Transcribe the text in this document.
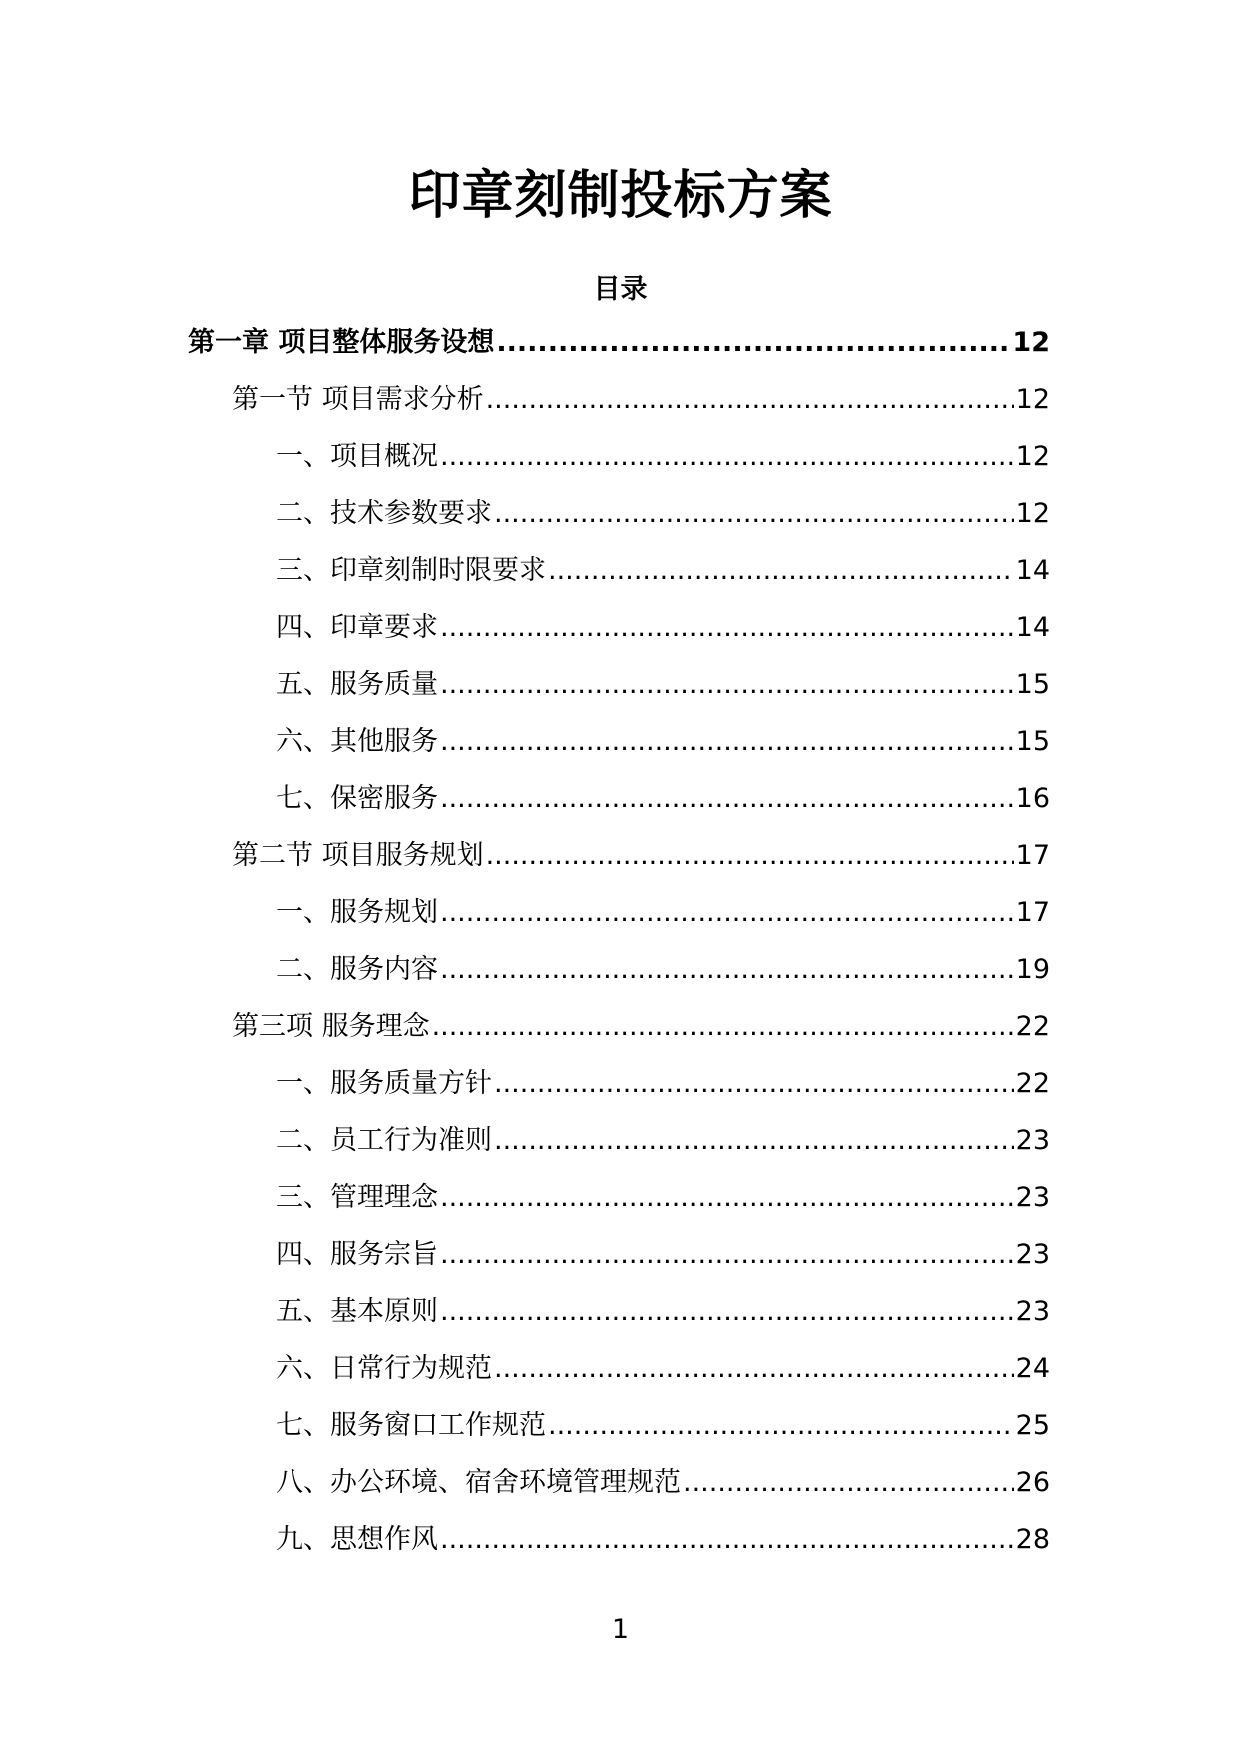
印章刻制投标方案
目录
第一章 项目整体服务设想 .....	12
第一节 项目需求分析 .....	12
一、项目概况 .....	12
二、技术参数要求 .....	12
三、印章刻制时限要求 .....	14
四、印章要求 .....	14
五、服务质量 .....	15
六、其他服务 .....	15
七、保密服务 .....	16
第二节 项目服务规划 .....	17
一、服务规划 .....	17
二、服务内容 .....	19
第三项 服务理念 .....	22
一、服务质量方针 .....	22
二、员工行为准则 .....	23
三、管理理念 .....	23
四、服务宗旨 .....	23
五、基本原则 .....	23
六、日常行为规范 .....	24
七、服务窗口工作规范 .....	25
八、办公环境、宿舍环境管理规范 .....	26
九、思想作风 .....	28
1
